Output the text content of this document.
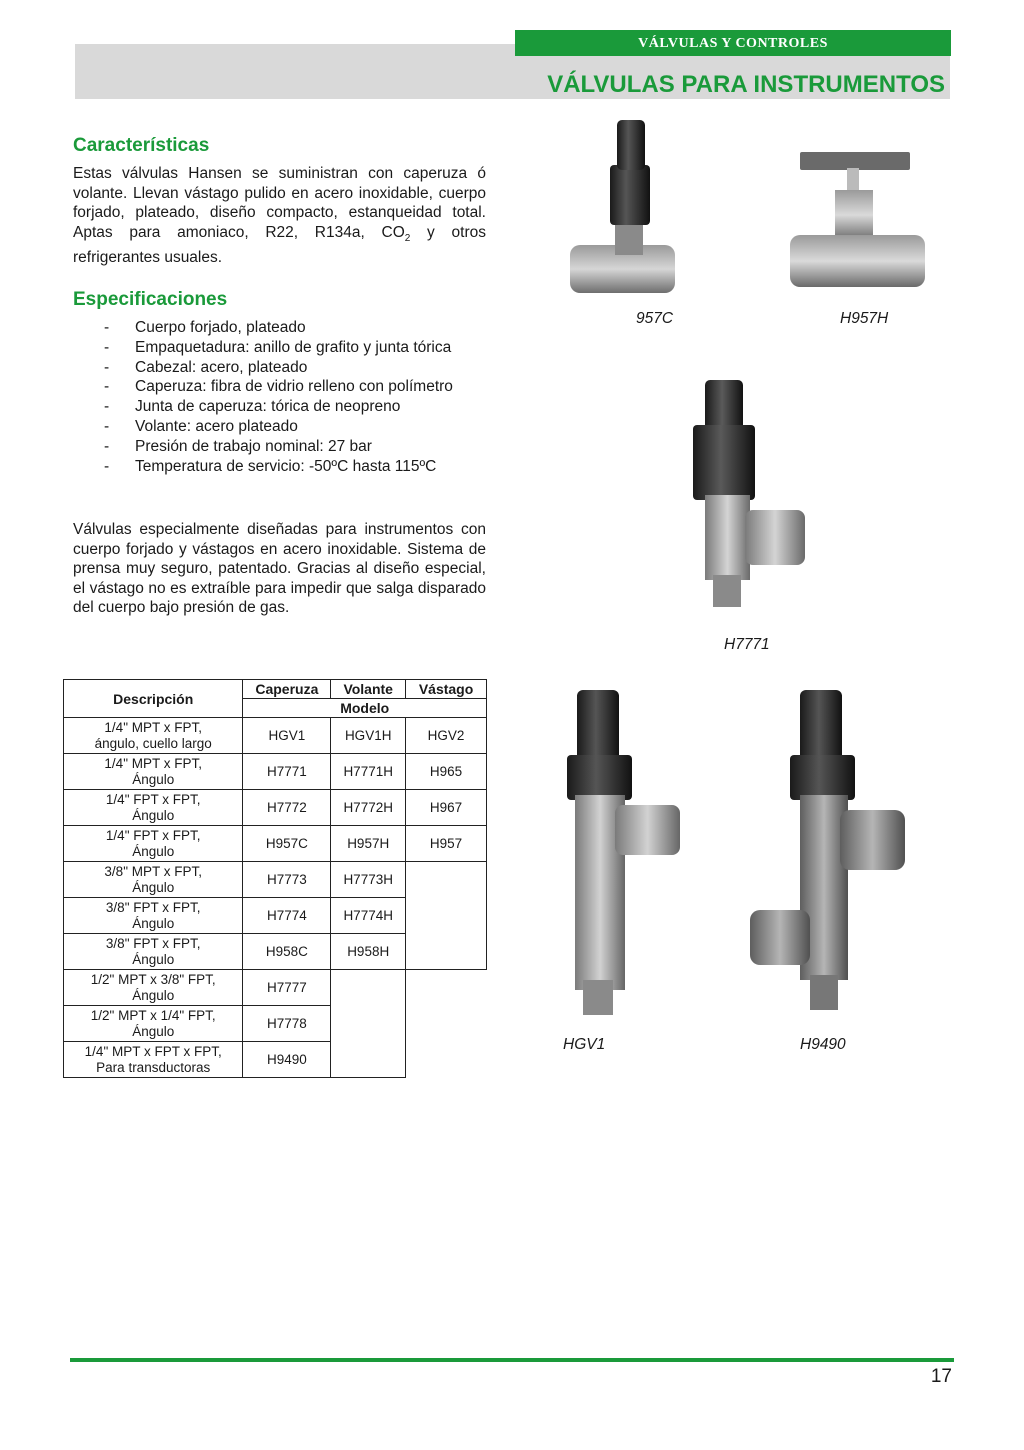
VÁLVULAS Y CONTROLES
VÁLVULAS PARA INSTRUMENTOS
Características
Estas válvulas Hansen se suministran con caperuza ó volante. Llevan vástago pulido en acero inoxidable, cuerpo forjado, plateado, diseño compacto, estanqueidad total. Aptas para amoniaco, R22, R134a, $CO_2$ y otros refrigerantes usuales.
Especificaciones
- Cuerpo forjado, plateado
- Empaquetadura: anillo de grafito y junta tórica
- Cabezal: acero, plateado
- Caperuza: fibra de vidrio relleno con polímetro
- Junta de caperuza: tórica de neopreno
- Volante: acero plateado
- Presión de trabajo nominal: 27 bar
- Temperatura de servicio: -50ºC hasta 115ºC
Válvulas especialmente diseñadas para instrumentos con cuerpo forjado y vástagos en acero inoxidable. Sistema de prensa muy seguro, patentado. Gracias al diseño especial, el vástago no es extraíble para impedir que salga disparado del cuerpo bajo presión de gas.
Descripción	Caperuza	Volante	Vástago
	Modelo		
1/4" MPT x FPT,
ángulo, cuello largo	HGV1	HGV1H	HGV2
1/4" MPT x FPT,
Ángulo	H7771	H7771H	H965
1/4" FPT x FPT,
Ángulo	H7772	H7772H	H967
1/4" FPT x FPT,
Ángulo	H957C	H957H	H957
3/8" MPT x FPT,
Ángulo	H7773	H7773H	
3/8" FPT x FPT,
Ángulo	H7774	H7774H	
3/8" FPT x FPT,
Ángulo	H958C	H958H	
1/2" MPT x 3/8" FPT,
Ángulo	H7777		
1/2" MPT x 1/4" FPT,
Ángulo	H7778		
1/4" MPT x FPT x FPT,
Para transductoras	H9490		
957C	H957H
H7771
HGV1	H9490
17
